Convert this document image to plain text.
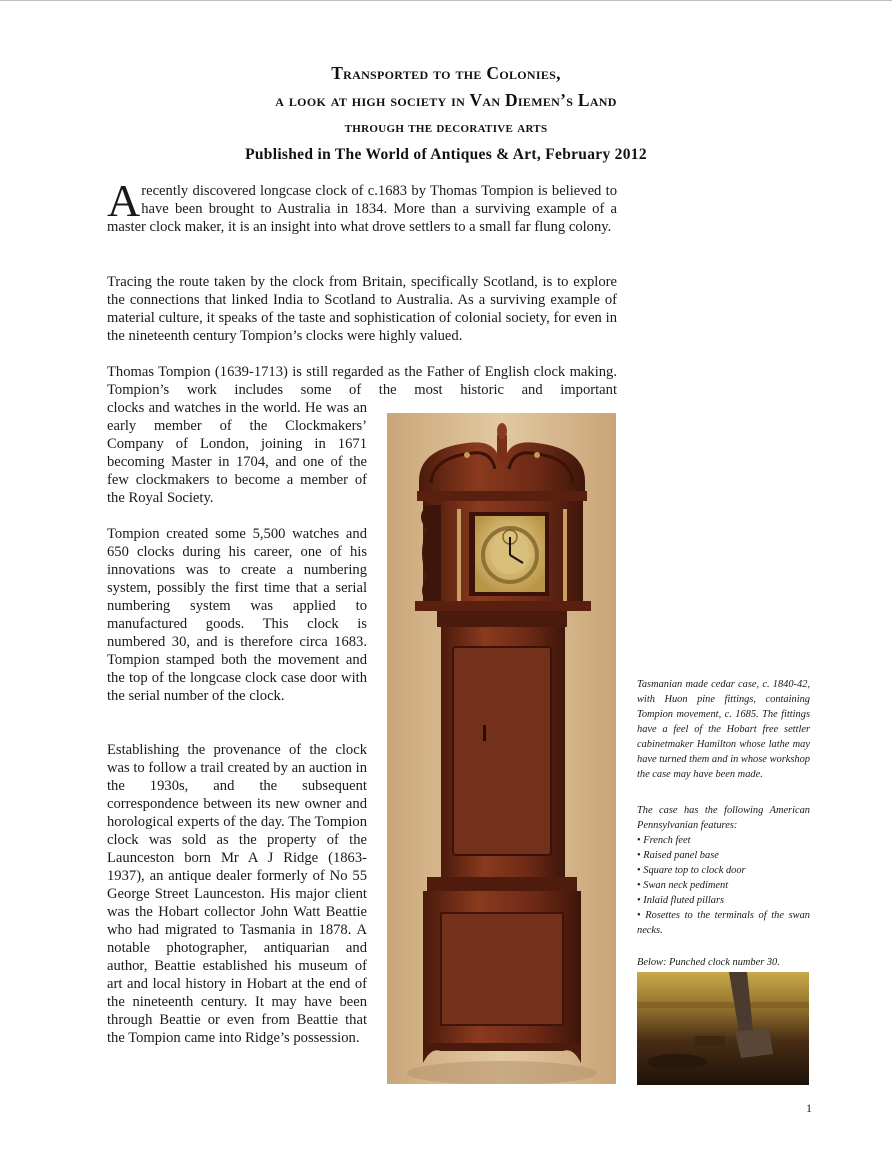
Transported to the Colonies,
a look at high society in Van Diemen’s Land
through the decorative arts
Published in The World of Antiques & Art, February 2012

A recently discovered longcase clock of c.1683 by Thomas Tompion is believed to have been brought to Australia in 1834. More than a surviving example of a master clock maker, it is an insight into what drove settlers to a small far flung colony.

Tracing the route taken by the clock from Britain, specifically Scotland, is to explore the connections that linked India to Scotland to Australia. As a surviving example of material culture, it speaks of the taste and sophistication of colonial society, for even in the nineteenth century Tompion’s clocks were highly valued.

Thomas Tompion (1639-1713) is still regarded as the Father of English clock making. Tompion’s work includes some of the most historic and important

clocks and watches in the world. He was an early member of the Clockmakers’ Company of London, joining in 1671 becoming Master in 1704, and one of the few clockmakers to become a member of the Royal Society.

Tompion created some 5,500 watches and 650 clocks during his career, one of his innovations was to create a numbering system, possibly the first time that a serial numbering system was applied to manufactured goods. This clock is numbered 30, and is therefore circa 1683. Tompion stamped both the movement and the top of the longcase clock case door with the serial number of the clock.

Establishing the provenance of the clock was to follow a trail created by an auction in the 1930s, and the subsequent correspondence between its new owner and horological experts of the day. The Tompion clock was sold as the property of the Launceston born Mr A J Ridge (1863- 1937), an antique dealer formerly of No 55 George Street Launceston. His major client was the Hobart collector John Watt Beattie who had migrated to Tasmania in 1878. A notable photographer, antiquarian and author, Beattie established his museum of art and local history in Hobart at the end of the nineteenth century. It may have been through Beattie or even from Beattie that the Tompion came into Ridge’s possession.

Tasmanian made cedar case, c. 1840-42, with Huon pine fittings, containing Tompion movement, c. 1685. The fittings have a feel of the Hobart free settler cabinetmaker Hamilton whose lathe may have turned them and in whose workshop the case may have been made.

The case has the following American Pennsylvanian features:

• French feet
• Raised panel base
• Square top to clock door
• Swan neck pediment
• Inlaid fluted pillars
• Rosettes to the terminals of the swan necks.

Below: Punched clock number 30.

1
